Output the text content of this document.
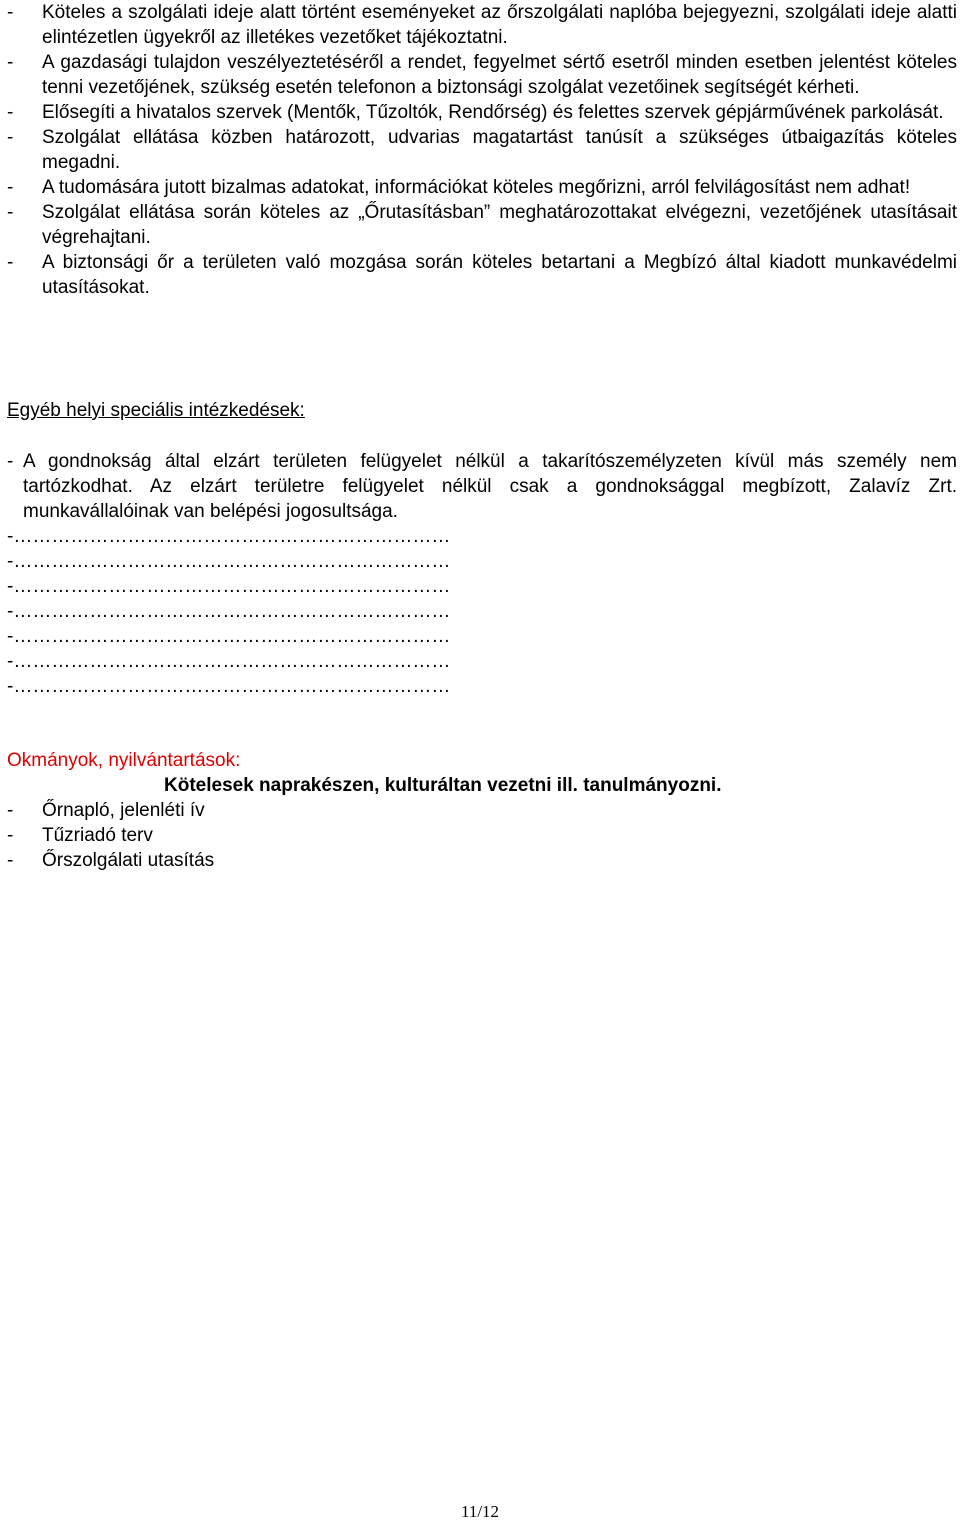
- Köteles a szolgálati ideje alatt történt eseményeket az őrszolgálati naplóba bejegyezni, szolgálati ideje alatti elintézetlen ügyekről az illetékes vezetőket tájékoztatni.
- A gazdasági tulajdon veszélyeztetéséről a rendet, fegyelmet sértő esetről minden esetben jelentést köteles tenni vezetőjének, szükség esetén telefonon a biztonsági szolgálat vezetőinek segítségét kérheti.
- Elősegíti a hivatalos szervek (Mentők, Tűzoltók, Rendőrség) és felettes szervek gépjárművének parkolását.
- Szolgálat ellátása közben határozott, udvarias magatartást tanúsít a szükséges útbaigazítás köteles megadni.
- A tudomására jutott bizalmas adatokat, információkat köteles megőrizni, arról felvilágosítást nem adhat!
- Szolgálat ellátása során köteles az „Őrutasításban” meghatározottakat elvégezni, vezetőjének utasításait végrehajtani.
- A biztonsági őr a területen való mozgása során köteles betartani a Megbízó által kiadott munkavédelmi utasításokat.
Egyéb helyi speciális intézkedések:
- A gondnokság által elzárt területen felügyelet nélkül a takarítószemélyzeten kívül más személy nem tartózkodhat. Az elzárt területre felügyelet nélkül csak a gondnoksággal megbízott, Zalavíz Zrt. munkavállalóinak van belépési jogosultsága.
-……………………………………………………………
-……………………………………………………………
-……………………………………………………………
-……………………………………………………………
-……………………………………………………………
-……………………………………………………………
-……………………………………………………………
Okmányok, nyilvántartások:
Kötelesek naprakészen, kulturáltan vezetni ill. tanulmányozni.
- Őrnapló, jelenléti ív
- Tűzriadó terv
- Őrszolgálati utasítás
11/12
